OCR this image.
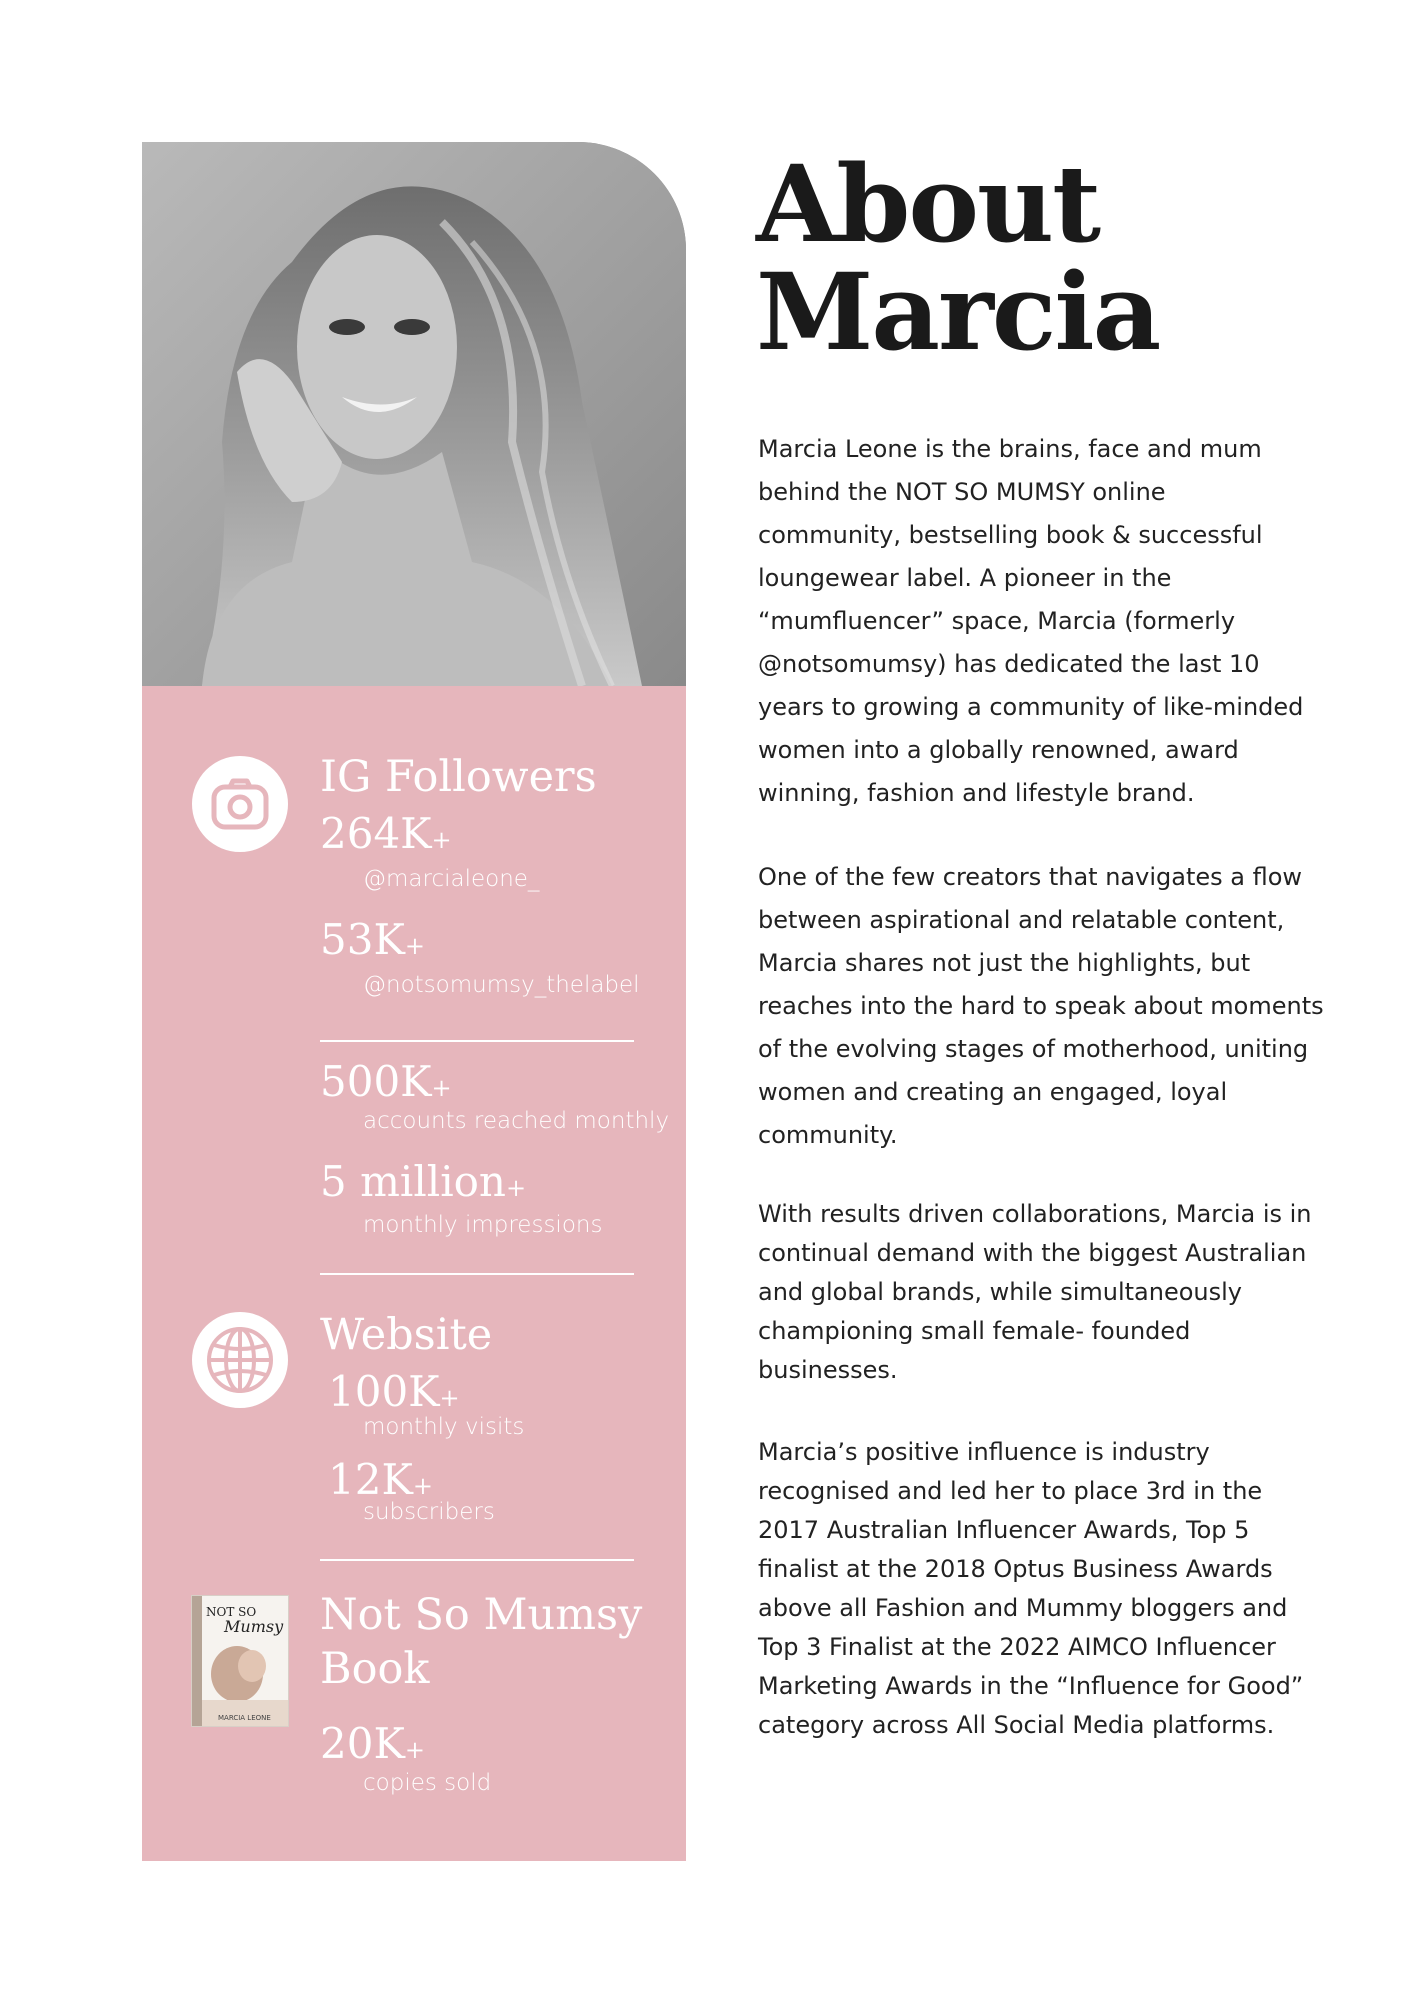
IG Followers
264K+
@marcialeone_
53K+
@notsomumsy_thelabel
500K+
accounts reached monthly
5 million+
monthly impressions
Website
100K+
monthly visits
12K+
subscribers
NOT SO
Mumsy
MARCIA LEONE
Not So Mumsy
Book
20K+
copies sold
About
Marcia

Marcia Leone is the brains, face and mum

behind the NOT SO MUMSY online

community, bestselling book & successful

loungewear label. A pioneer in the

“mumfluencer” space, Marcia (formerly

@notsomumsy) has dedicated the last 10

years to growing a community of like-minded

women into a globally renowned, award

winning, fashion and lifestyle brand.

One of the few creators that navigates a flow

between aspirational and relatable content,

Marcia shares not just the highlights, but

reaches into the hard to speak about moments

of the evolving stages of motherhood, uniting

women and creating an engaged, loyal

community.

With results driven collaborations, Marcia is in

continual demand with the biggest Australian

and global brands, while simultaneously

championing small female- founded

businesses.

Marcia’s positive influence is industry

recognised and led her to place 3rd in the

2017 Australian Influencer Awards, Top 5

finalist at the 2018 Optus Business Awards

above all Fashion and Mummy bloggers and

Top 3 Finalist at the 2022 AIMCO Influencer

Marketing Awards in the “Influence for Good”

category across All Social Media platforms.
